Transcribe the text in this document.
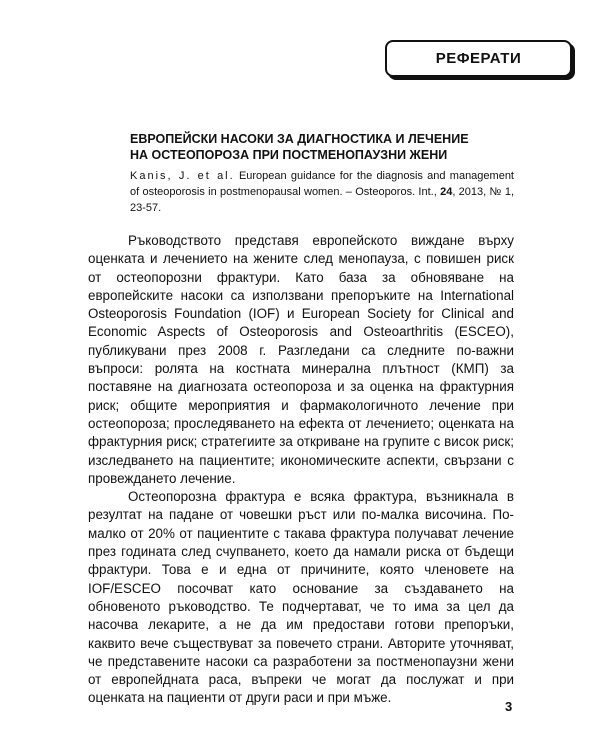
РЕФЕРАТИ
ЕВРОПЕЙСКИ НАСОКИ ЗА ДИАГНОСТИКА И ЛЕЧЕНИЕ
НА ОСТЕОПОРОЗА ПРИ ПОСТМЕНОПАУЗНИ ЖЕНИ
Kanis, J. et al. European guidance for the diagnosis and management of osteoporosis in postmenopausal women. – Osteoporos. Int., 24, 2013, № 1, 23-57.

Ръководството представя европейското виждане върху оценката и лечението на жените след менопауза, с повишен риск от остеопорозни фрактури. Като база за обновяване на европейските насоки са използвани препоръките на International Osteoporosis Foundation (IOF) и European Society for Clinical and Economic Aspects of Osteoporosis and Osteoarthritis (ESCEO), публикувани през 2008 г. Разгледани са следните по-важни въпроси: ролята на костната минерална плътност (КМП) за поставяне на диагнозата остеопороза и за оценка на фрактурния риск; общите мероприятия и фармакологичното лечение при остеопороза; проследяването на ефекта от лечението; оценката на фрактурния риск; стратегиите за откриване на групите с висок риск; изследването на пациентите; икономическите аспекти, свързани с провеждането лечение.

Остеопорозна фрактура е всяка фрактура, възникнала в резултат на падане от човешки ръст или по-малка височина. По-малко от 20% от пациентите с такава фрактура получават лечение през годината след счупването, което да намали риска от бъдещи фрактури. Това е и една от причините, която членовете на IOF/ESCEO посочват като основание за създаването на обновеното ръководство. Те подчертават, че то има за цел да насочва лекарите, а не да им предостави готови препоръки, каквито вече съществуват за повечето страни. Авторите уточняват, че представените насоки са разработени за постменопаузни жени от европейдната раса, въпреки че могат да послужат и при оценката на пациенти от други раси и при мъже.

3
